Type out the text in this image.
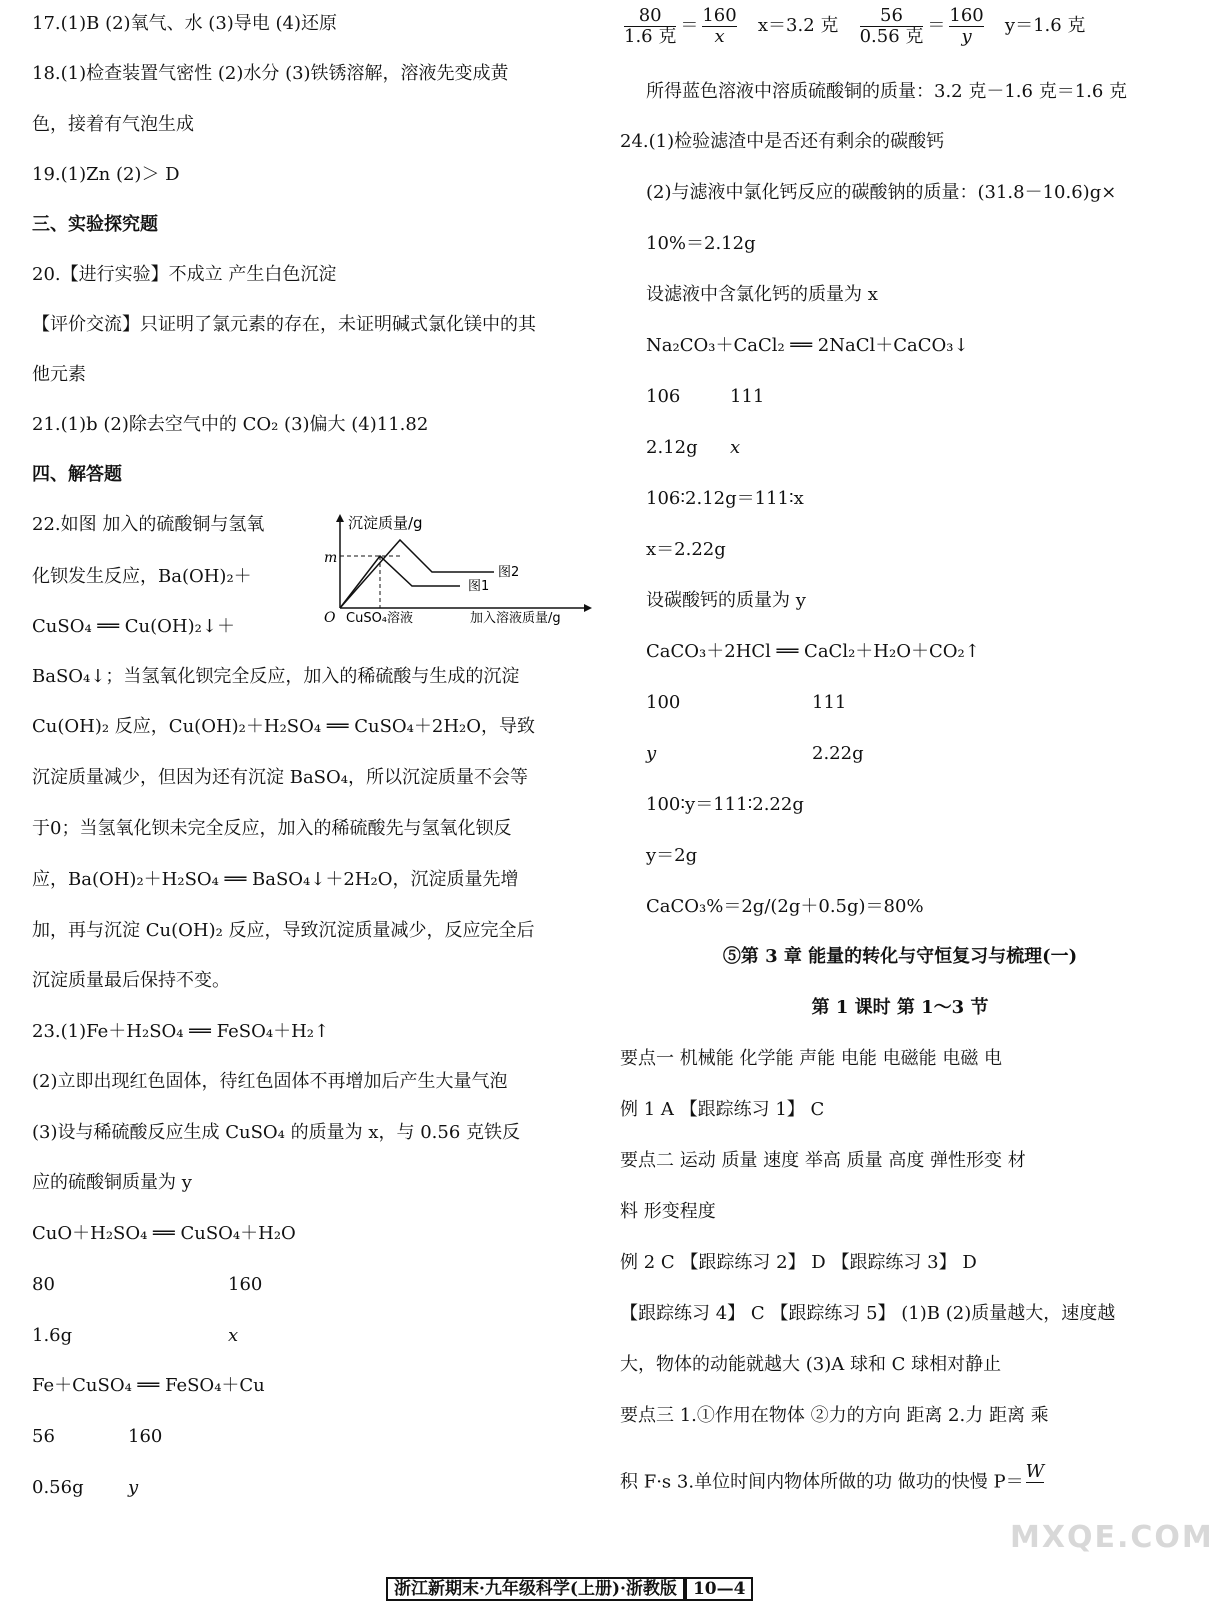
17.(1)B (2)氧气、水 (3)导电 (4)还原
18.(1)检查装置气密性 (2)水分 (3)铁锈溶解，溶液先变成黄
色，接着有气泡生成
19.(1)Zn (2)＞ D
三、实验探究题
20.【进行实验】不成立 产生白色沉淀
【评价交流】只证明了氯元素的存在，未证明碱式氯化镁中的其
他元素
21.(1)b (2)除去空气中的 CO₂ (3)偏大 (4)11.82
四、解答题
22.如图 加入的硫酸铜与氢氧
化钡发生反应，Ba(OH)₂＋
CuSO₄ ══ Cu(OH)₂↓＋
BaSO₄↓；当氢氧化钡完全反应，加入的稀硫酸与生成的沉淀
Cu(OH)₂ 反应，Cu(OH)₂＋H₂SO₄ ══ CuSO₄＋2H₂O，导致
沉淀质量减少，但因为还有沉淀 BaSO₄，所以沉淀质量不会等
于0；当氢氧化钡未完全反应，加入的稀硫酸先与氢氧化钡反
应，Ba(OH)₂＋H₂SO₄ ══ BaSO₄↓＋2H₂O，沉淀质量先增
加，再与沉淀 Cu(OH)₂ 反应，导致沉淀质量减少，反应完全后
沉淀质量最后保持不变。
23.(1)Fe＋H₂SO₄ ══ FeSO₄＋H₂↑
(2)立即出现红色固体，待红色固体不再增加后产生大量气泡
(3)设与稀硫酸反应生成 CuSO₄ 的质量为 x，与 0.56 克铁反
应的硫酸铜质量为 y
CuO＋H₂SO₄ ══ CuSO₄＋H₂O
80	160
1.6g	x
Fe＋CuSO₄ ══ FeSO₄＋Cu
56	160
0.56g y
沉淀质量/g
m
O CuSO₄溶液	加入溶液质量/g
图2
图1
$\frac{80}{\text{1.6 克}} = \frac{160}{x} x=3.2$ 克 $\frac{56}{\text{0.56 克}} = \frac{160}{y} y=1.6$ 克
所得蓝色溶液中溶质硫酸铜的质量：3.2 克－1.6 克＝1.6 克
24.(1)检验滤渣中是否还有剩余的碳酸钙
(2)与滤液中氯化钙反应的碳酸钠的质量：(31.8－10.6)g×
10%＝2.12g
设滤液中含氯化钙的质量为 x
Na₂CO₃＋CaCl₂ ══ 2NaCl＋CaCO₃↓
106	111
2.12g x
106∶2.12g＝111∶x
x＝2.22g
设碳酸钙的质量为 y
CaCO₃＋2HCl ══ CaCl₂＋H₂O＋CO₂↑
100	111
y	2.22g
100∶y＝111∶2.22g
y＝2g
CaCO₃%＝2g/(2g＋0.5g)＝80%
⑤第 3 章 能量的转化与守恒复习与梳理(一)
第 1 课时 第 1～3 节
要点一 机械能 化学能 声能 电能 电磁能 电磁 电
例 1 A 【跟踪练习 1】 C
要点二 运动 质量 速度 举高 质量 高度 弹性形变 材
料 形变程度
例 2 C 【跟踪练习 2】 D 【跟踪练习 3】 D
【跟踪练习 4】 C 【跟踪练习 5】 (1)B (2)质量越大，速度越
大，物体的动能就越大 (3)A 球和 C 球相对静止
要点三 1.①作用在物体 ②力的方向 距离 2.力 距离 乘
积 F·s 3.单位时间内物体所做的功 做功的快慢 P＝ W
MXQE.COM
浙江新期末·九年级科学(上册)·浙教版 10—4
